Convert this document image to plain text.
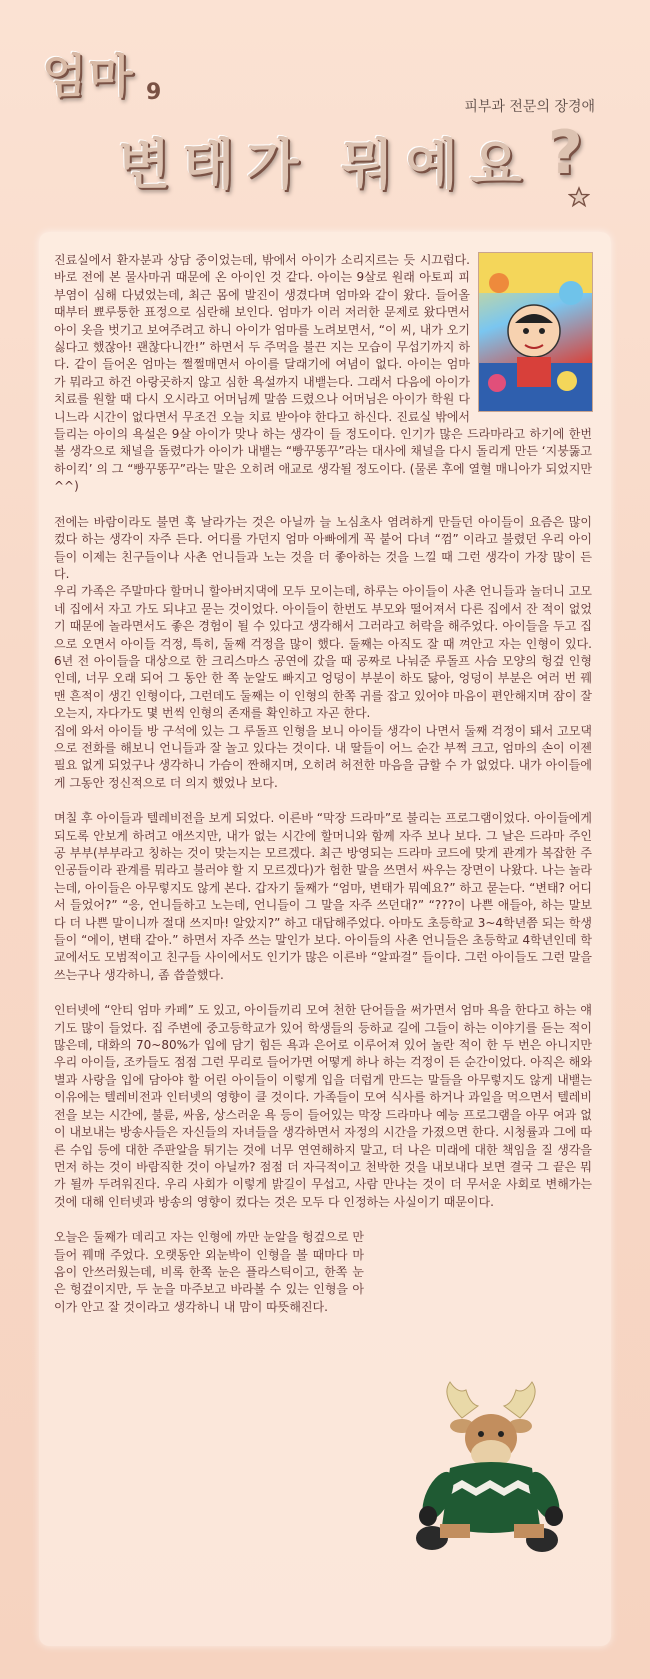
엄마 9
변태가 뭐예요 ?
피부과 전문의 장경애

진료실에서 환자분과 상담 중이었는데, 밖에서 아이가 소리지르는 듯 시끄럽다. 바로 전에 본 물사마귀 때문에 온 아이인 것 같다. 아이는 9살로 원래 아토피 피부염이 심해 다녔었는데, 최근 몸에 발진이 생겼다며 엄마와 같이 왔다. 들어올 때부터 뾰루퉁한 표정으로 심란해 보인다. 엄마가 이러 저러한 문제로 왔다면서 아이 옷을 벗기고 보여주려고 하니 아이가 엄마를 노려보면서, “이 씨, 내가 오기 싫다고 했잖아! 괜찮다니깐!” 하면서 두 주먹을 불끈 지는 모습이 무섭기까지 하다. 같이 들어온 엄마는 쩔쩔매면서 아이를 달래기에 여념이 없다. 아이는 엄마가 뭐라고 하건 아랑곳하지 않고 심한 욕설까지 내뱉는다. 그래서 다음에 아이가 치료를 원할 때 다시 오시라고 어머님께 말씀 드렸으나 어머님은 아이가 학원 다니느라 시간이 없다면서 무조건 오늘 치료 받아야 한다고 하신다. 진료실 밖에서 들리는 아이의 욕설은 9살 아이가 맞나 하는 생각이 들 정도이다. 인기가 많은 드라마라고 하기에 한번 볼 생각으로 채널을 돌렸다가 아이가 내뱉는 “빵꾸똥꾸”라는 대사에 채널을 다시 돌리게 만든 ‘지붕뚫고 하이킥’ 의 그 “빵꾸똥꾸”라는 말은 오히려 애교로 생각될 정도이다. (물론 후에 열혈 매니아가 되었지만^^)

전에는 바람이라도 불면 훅 날라가는 것은 아닐까 늘 노심초사 염려하게 만들던 아이들이 요즘은 많이 컸다 하는 생각이 자주 든다. 어디를 가던지 엄마 아빠에게 꼭 붙어 다녀 “껌” 이라고 불렸던 우리 아이들이 이제는 친구들이나 사촌 언니들과 노는 것을 더 좋아하는 것을 느낄 때 그런 생각이 가장 많이 든다.

우리 가족은 주말마다 할머니 할아버지댁에 모두 모이는데, 하루는 아이들이 사촌 언니들과 놀더니 고모네 집에서 자고 가도 되냐고 묻는 것이었다. 아이들이 한번도 부모와 떨어져서 다른 집에서 잔 적이 없었기 때문에 놀라면서도 좋은 경험이 될 수 있다고 생각해서 그러라고 허락을 해주었다. 아이들을 두고 집으로 오면서 아이들 걱정, 특히, 둘째 걱정을 많이 했다. 둘째는 아직도 잘 때 껴안고 자는 인형이 있다. 6년 전 아이들을 대상으로 한 크리스마스 공연에 갔을 때 공짜로 나눠준 루돌프 사슴 모양의 헝겊 인형인데, 너무 오래 되어 그 동안 한 쪽 눈알도 빠지고 엉덩이 부분이 하도 닳아, 엉덩이 부분은 여러 번 꿰맨 흔적이 생긴 인형이다, 그런데도 둘째는 이 인형의 한쪽 귀를 잡고 있어야 마음이 편안해지며 잠이 잘 오는지, 자다가도 몇 번씩 인형의 존재를 확인하고 자곤 한다.

집에 와서 아이들 방 구석에 있는 그 루돌프 인형을 보니 아이들 생각이 나면서 둘째 걱정이 돼서 고모댁으로 전화를 해보니 언니들과 잘 놀고 있다는 것이다. 내 딸들이 어느 순간 부쩍 크고, 엄마의 손이 이젠 필요 없게 되었구나 생각하니 가슴이 짠해지며, 오히려 허전한 마음을 금할 수 가 없었다. 내가 아이들에게 그동안 정신적으로 더 의지 했었나 보다.

며칠 후 아이들과 텔레비전을 보게 되었다. 이른바 “막장 드라마”로 불리는 프로그램이었다. 아이들에게 되도록 안보게 하려고 애쓰지만, 내가 없는 시간에 할머니와 함께 자주 보나 보다. 그 날은 드라마 주인공 부부(부부라고 칭하는 것이 맞는지는 모르겠다. 최근 방영되는 드라마 코드에 맞게 관계가 복잡한 주인공들이라 관계를 뭐라고 불러야 할 지 모르겠다)가 험한 말을 쓰면서 싸우는 장면이 나왔다. 나는 놀라는데, 아이들은 아무렇지도 않게 본다. 갑자기 둘째가 “엄마, 변태가 뭐예요?” 하고 묻는다. “변태? 어디서 들었어?” “응, 언니들하고 노는데, 언니들이 그 말을 자주 쓰던대?” “???이 나쁜 애들아, 하는 말보다 더 나쁜 말이니까 절대 쓰지마! 알았지?” 하고 대답해주었다. 아마도 초등학교 3~4학년쯤 되는 학생들이 “에이, 변태 같아.” 하면서 자주 쓰는 말인가 보다. 아이들의 사촌 언니들은 초등학교 4학년인데 학교에서도 모범적이고 친구들 사이에서도 인기가 많은 이른바 “알파걸” 들이다. 그런 아이들도 그런 말을 쓰는구나 생각하니, 좀 씁쓸했다.

인터넷에 “안티 엄마 카페” 도 있고, 아이들끼리 모여 천한 단어들을 써가면서 엄마 욕을 한다고 하는 얘기도 많이 들었다. 집 주변에 중고등학교가 있어 학생들의 등하교 길에 그들이 하는 이야기를 듣는 적이 많은데, 대화의 70~80%가 입에 담기 힘든 욕과 은어로 이루어져 있어 놀란 적이 한 두 번은 아니지만 우리 아이들, 조카들도 점점 그런 무리로 들어가면 어떻게 하나 하는 걱정이 든 순간이었다. 아직은 해와 별과 사랑을 입에 담아야 할 어린 아이들이 이렇게 입을 더럽게 만드는 말들을 아무렇지도 않게 내뱉는 이유에는 텔레비전과 인터넷의 영향이 클 것이다. 가족들이 모여 식사를 하거나 과일을 먹으면서 텔레비전을 보는 시간에, 불륜, 싸움, 상스러운 욕 등이 들어있는 막장 드라마나 예능 프로그램을 아무 여과 없이 내보내는 방송사들은 자신들의 자녀들을 생각하면서 자정의 시간을 가졌으면 한다. 시청률과 그에 따른 수입 등에 대한 주판알을 튀기는 것에 너무 연연해하지 말고, 더 나은 미래에 대한 책임을 질 생각을 먼저 하는 것이 바람직한 것이 아닐까? 점점 더 자극적이고 천박한 것을 내보내다 보면 결국 그 끝은 뭐가 될까 두려워진다. 우리 사회가 이렇게 밝길이 무섭고, 사람 만나는 것이 더 무서운 사회로 변해가는 것에 대해 인터넷과 방송의 영향이 컸다는 것은 모두 다 인정하는 사실이기 때문이다.

오늘은 둘째가 데리고 자는 인형에 까만 눈알을 헝겊으로 만들어 꿰매 주었다. 오랫동안 외눈박이 인형을 볼 때마다 마음이 안쓰러웠는데, 비록 한쪽 눈은 플라스틱이고, 한쪽 눈은 헝겊이지만, 두 눈을 마주보고 바라볼 수 있는 인형을 아이가 안고 잘 것이라고 생각하니 내 맘이 따뜻해진다.
